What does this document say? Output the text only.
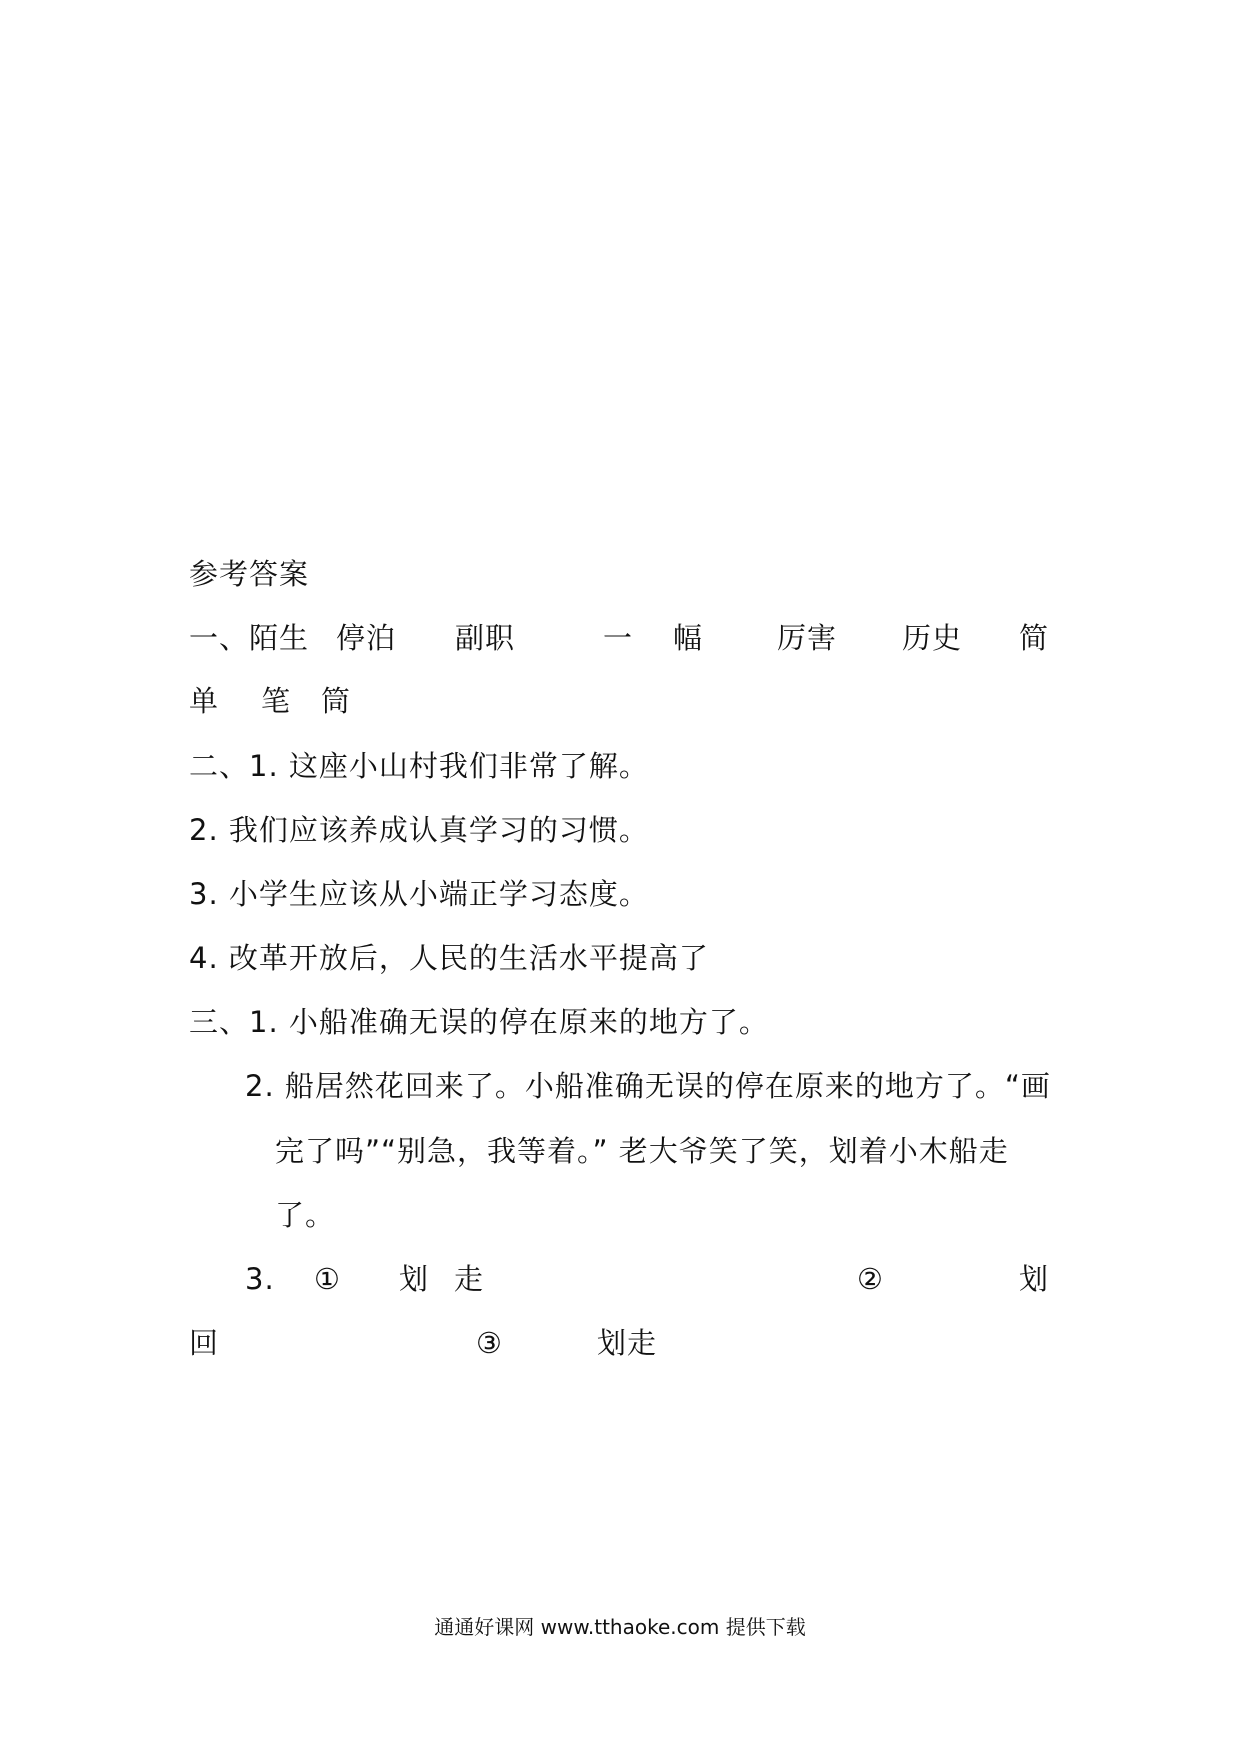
参考答案
一、陌生 停泊 副职	一 幅	厉害 历史 简
单 笔 筒
二、1. 这座小山村我们非常了解。
2. 我们应该养成认真学习的习惯。
3. 小学生应该从小端正学习态度。
4. 改革开放后，人民的生活水平提高了
三、1. 小船准确无误的停在原来的地方了。
2. 船居然花回来了。小船准确无误的停在原来的地方了。“画
完了吗”“别急，我等着。” 老大爷笑了笑，划着小木船走
了。
3. ① 划 走	②	划
回	③	划走
通通好课网 www.tthaoke.com 提供下载
